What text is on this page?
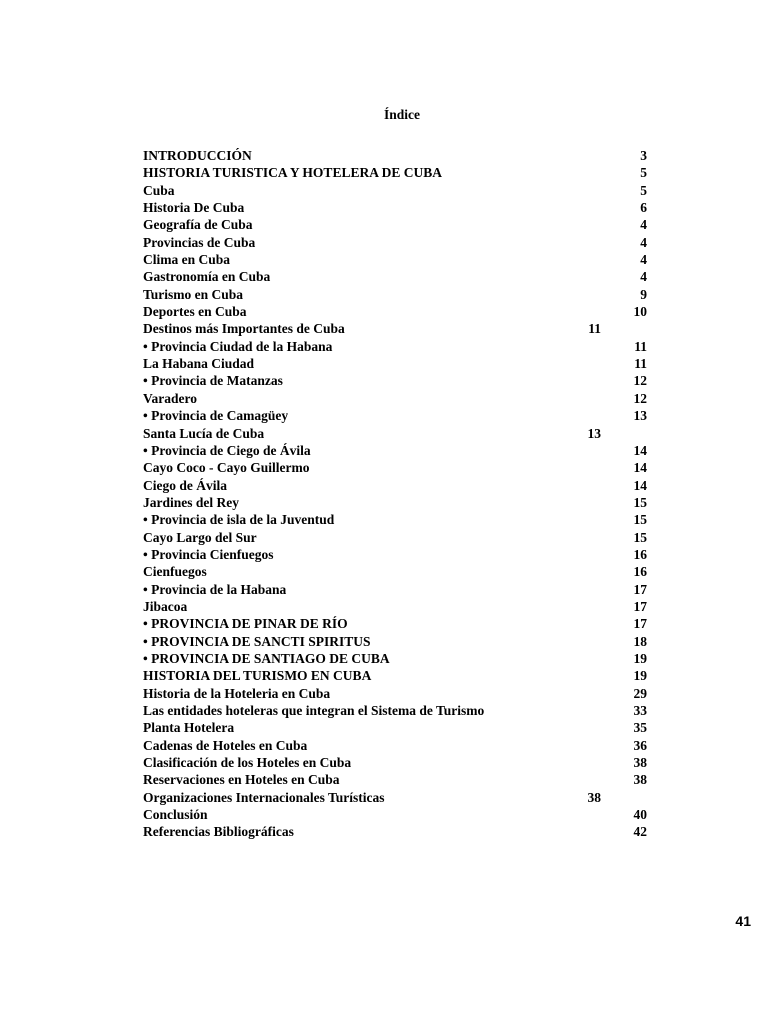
Índice
INTRODUCCIÓN	3
HISTORIA TURISTICA Y HOTELERA DE CUBA	5
Cuba	5
Historia De Cuba	6
Geografía de Cuba	4
Provincias de Cuba	4
Clima en Cuba	4
Gastronomía en Cuba	4
Turismo en Cuba	9
Deportes en Cuba	10
Destinos más Importantes de Cuba	11
• Provincia Ciudad de la Habana	11
La Habana Ciudad	11
• Provincia de Matanzas	12
Varadero	12
• Provincia de Camagüey	13
Santa Lucía de Cuba	13
• Provincia de Ciego de Ávila	14
Cayo Coco - Cayo Guillermo	14
Ciego de Ávila	14
Jardines del Rey	15
• Provincia de isla de la Juventud	15
Cayo Largo del Sur	15
• Provincia Cienfuegos	16
Cienfuegos	16
• Provincia de la Habana	17
Jibacoa	17
• PROVINCIA DE PINAR DE RÍO	17
• PROVINCIA DE SANCTI SPIRITUS	18
• PROVINCIA DE SANTIAGO DE CUBA	19
HISTORIA DEL TURISMO EN CUBA	19
Historia de la Hoteleria en Cuba	29
Las entidades hoteleras que integran el Sistema de Turismo	33
Planta Hotelera	35
Cadenas de Hoteles en Cuba	36
Clasificación de los Hoteles en Cuba	38
Reservaciones en Hoteles en Cuba	38
Organizaciones Internacionales Turísticas	38
Conclusión	40
Referencias Bibliográficas	42
41
